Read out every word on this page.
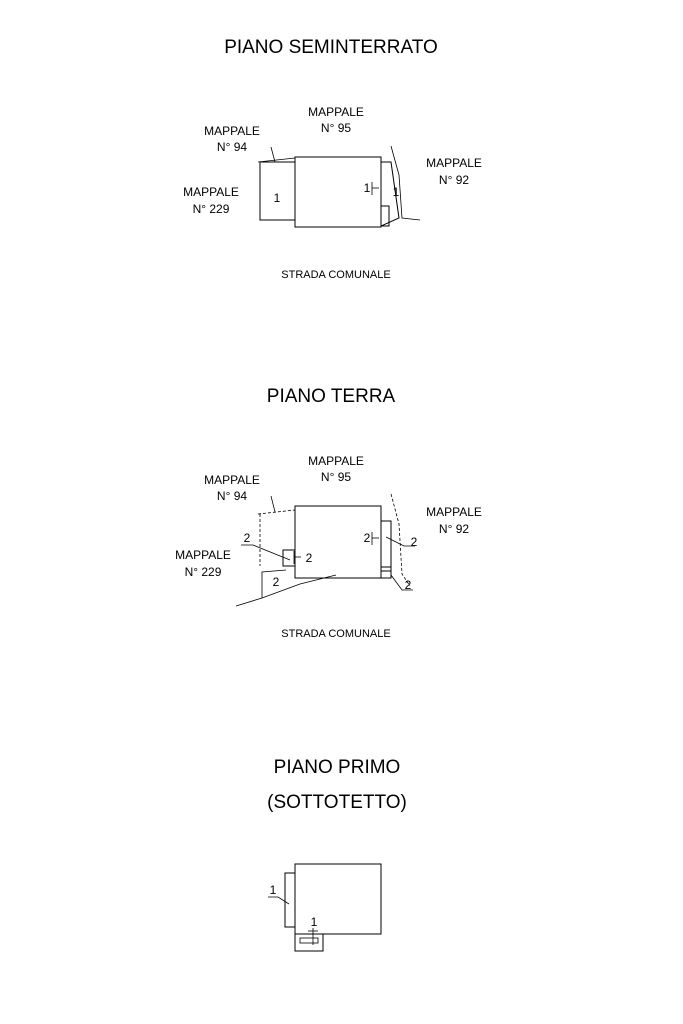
PIANO SEMINTERRATO
MAPPALE
N° 95
MAPPALE
N° 94
MAPPALE
N° 92
MAPPALE
N° 229
STRADA COMUNALE
1
1 1
PIANO TERRA
MAPPALE
N° 95
MAPPALE
N° 94
MAPPALE
N° 92
MAPPALE
N° 229
STRADA COMUNALE
2
2
2	2
2	2
PIANO PRIMO
(SOTTOTETTO)
1
1
